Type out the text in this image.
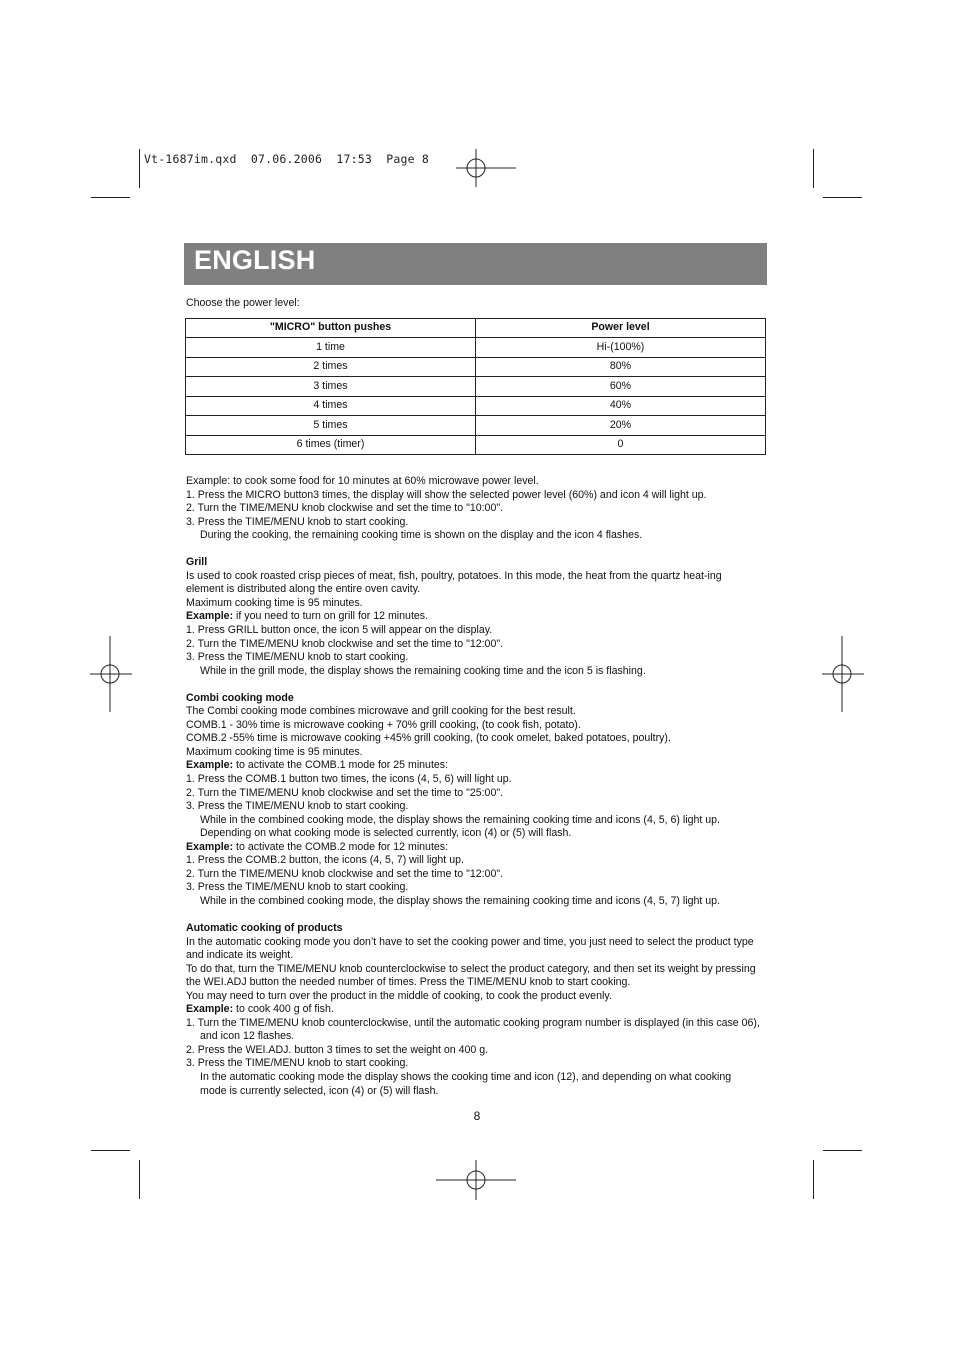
Vt-1687im.qxd  07.06.2006  17:53  Page 8
ENGLISH

Choose the power level:

"MICRO" button pushes	Power level
1 time	Hi-(100%)
2 times	80%
3 times	60%
4 times	40%
5 times	20%
6 times (timer)	0

Example: to cook some food for 10 minutes at 60% microwave power level.

1. Press the MICRO button3 times, the display will show the selected power level (60%) and icon 4 will light up.

2. Turn the TIME/MENU knob clockwise and set the time to "10:00".

3. Press the TIME/MENU knob to start cooking.

During the cooking, the remaining cooking time is shown on the display and the icon 4 flashes.

Grill

Is used to cook roasted crisp pieces of meat, fish, poultry, potatoes. In this mode, the heat from the quartz heat-ing element is distributed along the entire oven cavity.

Maximum cooking time is 95 minutes.

Example: if you need to turn on grill for 12 minutes.

1. Press GRILL button once, the icon 5 will appear on the display.

2. Turn the TIME/MENU knob clockwise and set the time to "12:00".

3. Press the TIME/MENU knob to start cooking.

While in the grill mode, the display shows the remaining cooking time and the icon 5 is flashing.

Combi cooking mode

The Combi cooking mode combines microwave and grill cooking for the best result.

COMB.1 - 30% time is microwave cooking + 70% grill cooking, (to cook fish, potato).

COMB.2 -55% time is microwave cooking +45% grill cooking, (to cook omelet, baked potatoes, poultry).

Maximum cooking time is 95 minutes.

Example: to activate the COMB.1 mode for 25 minutes:

1. Press the COMB.1 button two times, the icons (4, 5, 6) will light up.

2. Turn the TIME/MENU knob clockwise and set the time to "25:00".

3. Press the TIME/MENU knob to start cooking.

While in the combined cooking mode, the display shows the remaining cooking time and icons (4, 5, 6) light up. Depending on what cooking mode is selected currently, icon (4) or (5) will flash.

Example: to activate the COMB.2 mode for 12 minutes:

1. Press the COMB.2 button, the icons (4, 5, 7) will light up.

2. Turn the TIME/MENU knob clockwise and set the time to "12:00".

3. Press the TIME/MENU knob to start cooking.

While in the combined cooking mode, the display shows the remaining cooking time and icons (4, 5, 7) light up.

Automatic cooking of products

In the automatic cooking mode you don’t have to set the cooking power and time, you just need to select the product type and indicate its weight.

To do that, turn the TIME/MENU knob counterclockwise to select the product category, and then set its weight by pressing the WEI.ADJ button the needed number of times. Press the TIME/MENU knob to start cooking.

You may need to turn over the product in the middle of cooking, to cook the product evenly.

Example: to cook 400 g of fish.

1. Turn the TIME/MENU knob counterclockwise, until the automatic cooking program number is displayed (in this case 06), and icon 12 flashes.

2. Press the WEI.ADJ. button 3 times to set the weight on 400 g.

3. Press the TIME/MENU knob to start cooking.

In the automatic cooking mode the display shows the cooking time and icon (12), and depending on what cooking mode is currently selected, icon (4) or (5) will flash.

8
